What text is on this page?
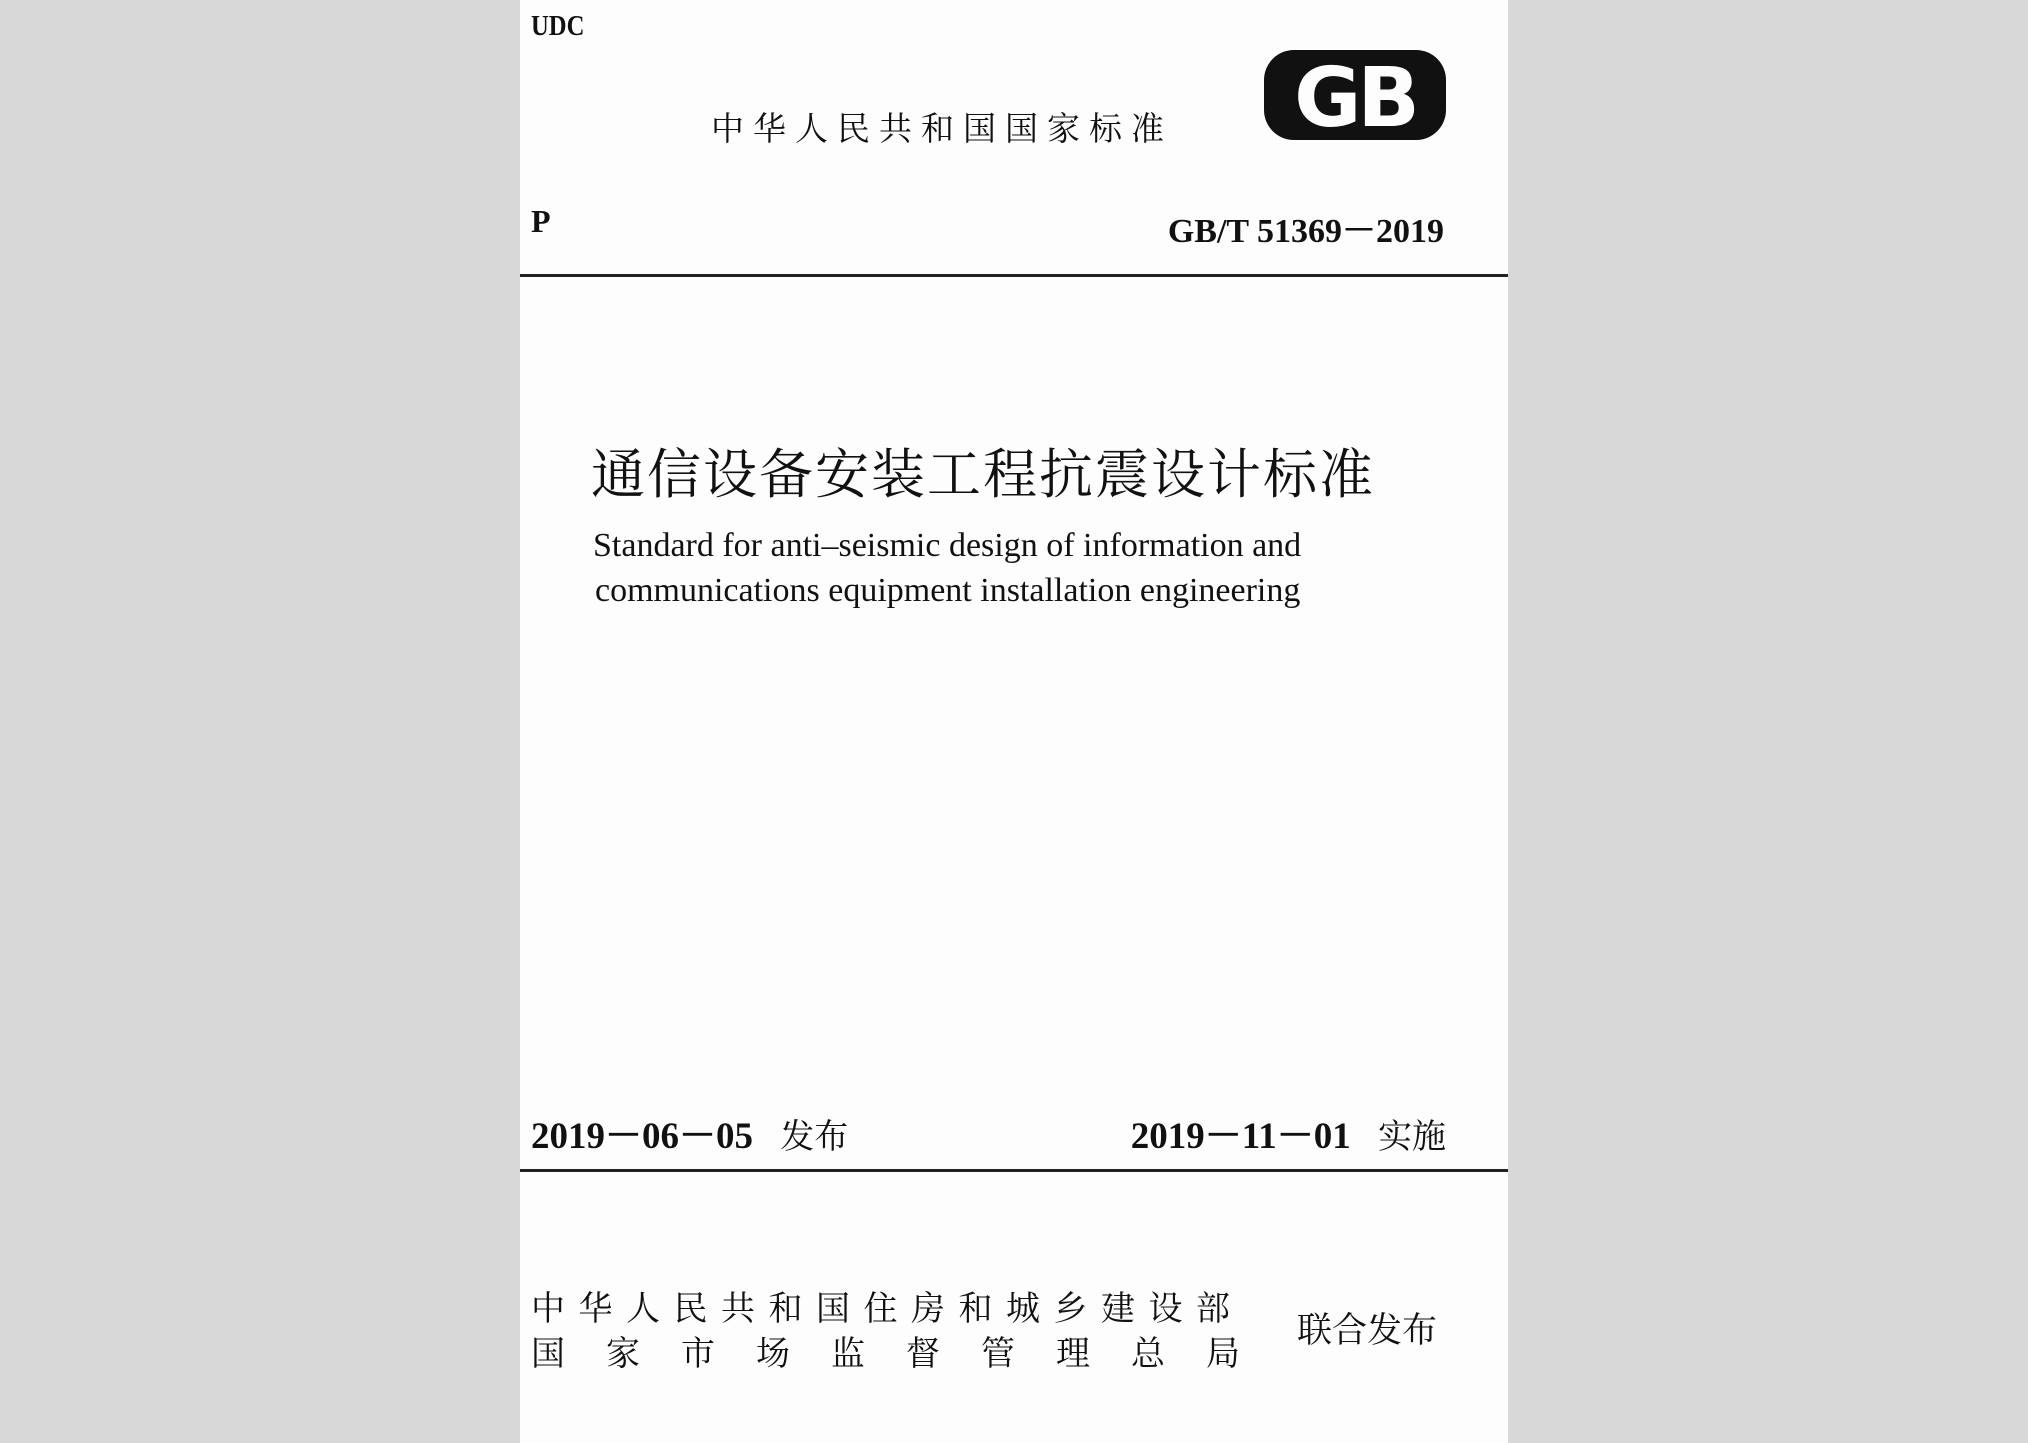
UDC
中华人民共和国国家标准 GB
P	GB/T 51369－2019
通信设备安装工程抗震设计标准
Standard for anti–seismic design of information and
communications equipment installation engineering
2019－06－05 发布	2019－11－01 实施
中华人民共和国住房和城乡建设部
国家市场监督管理总局
联合发布
